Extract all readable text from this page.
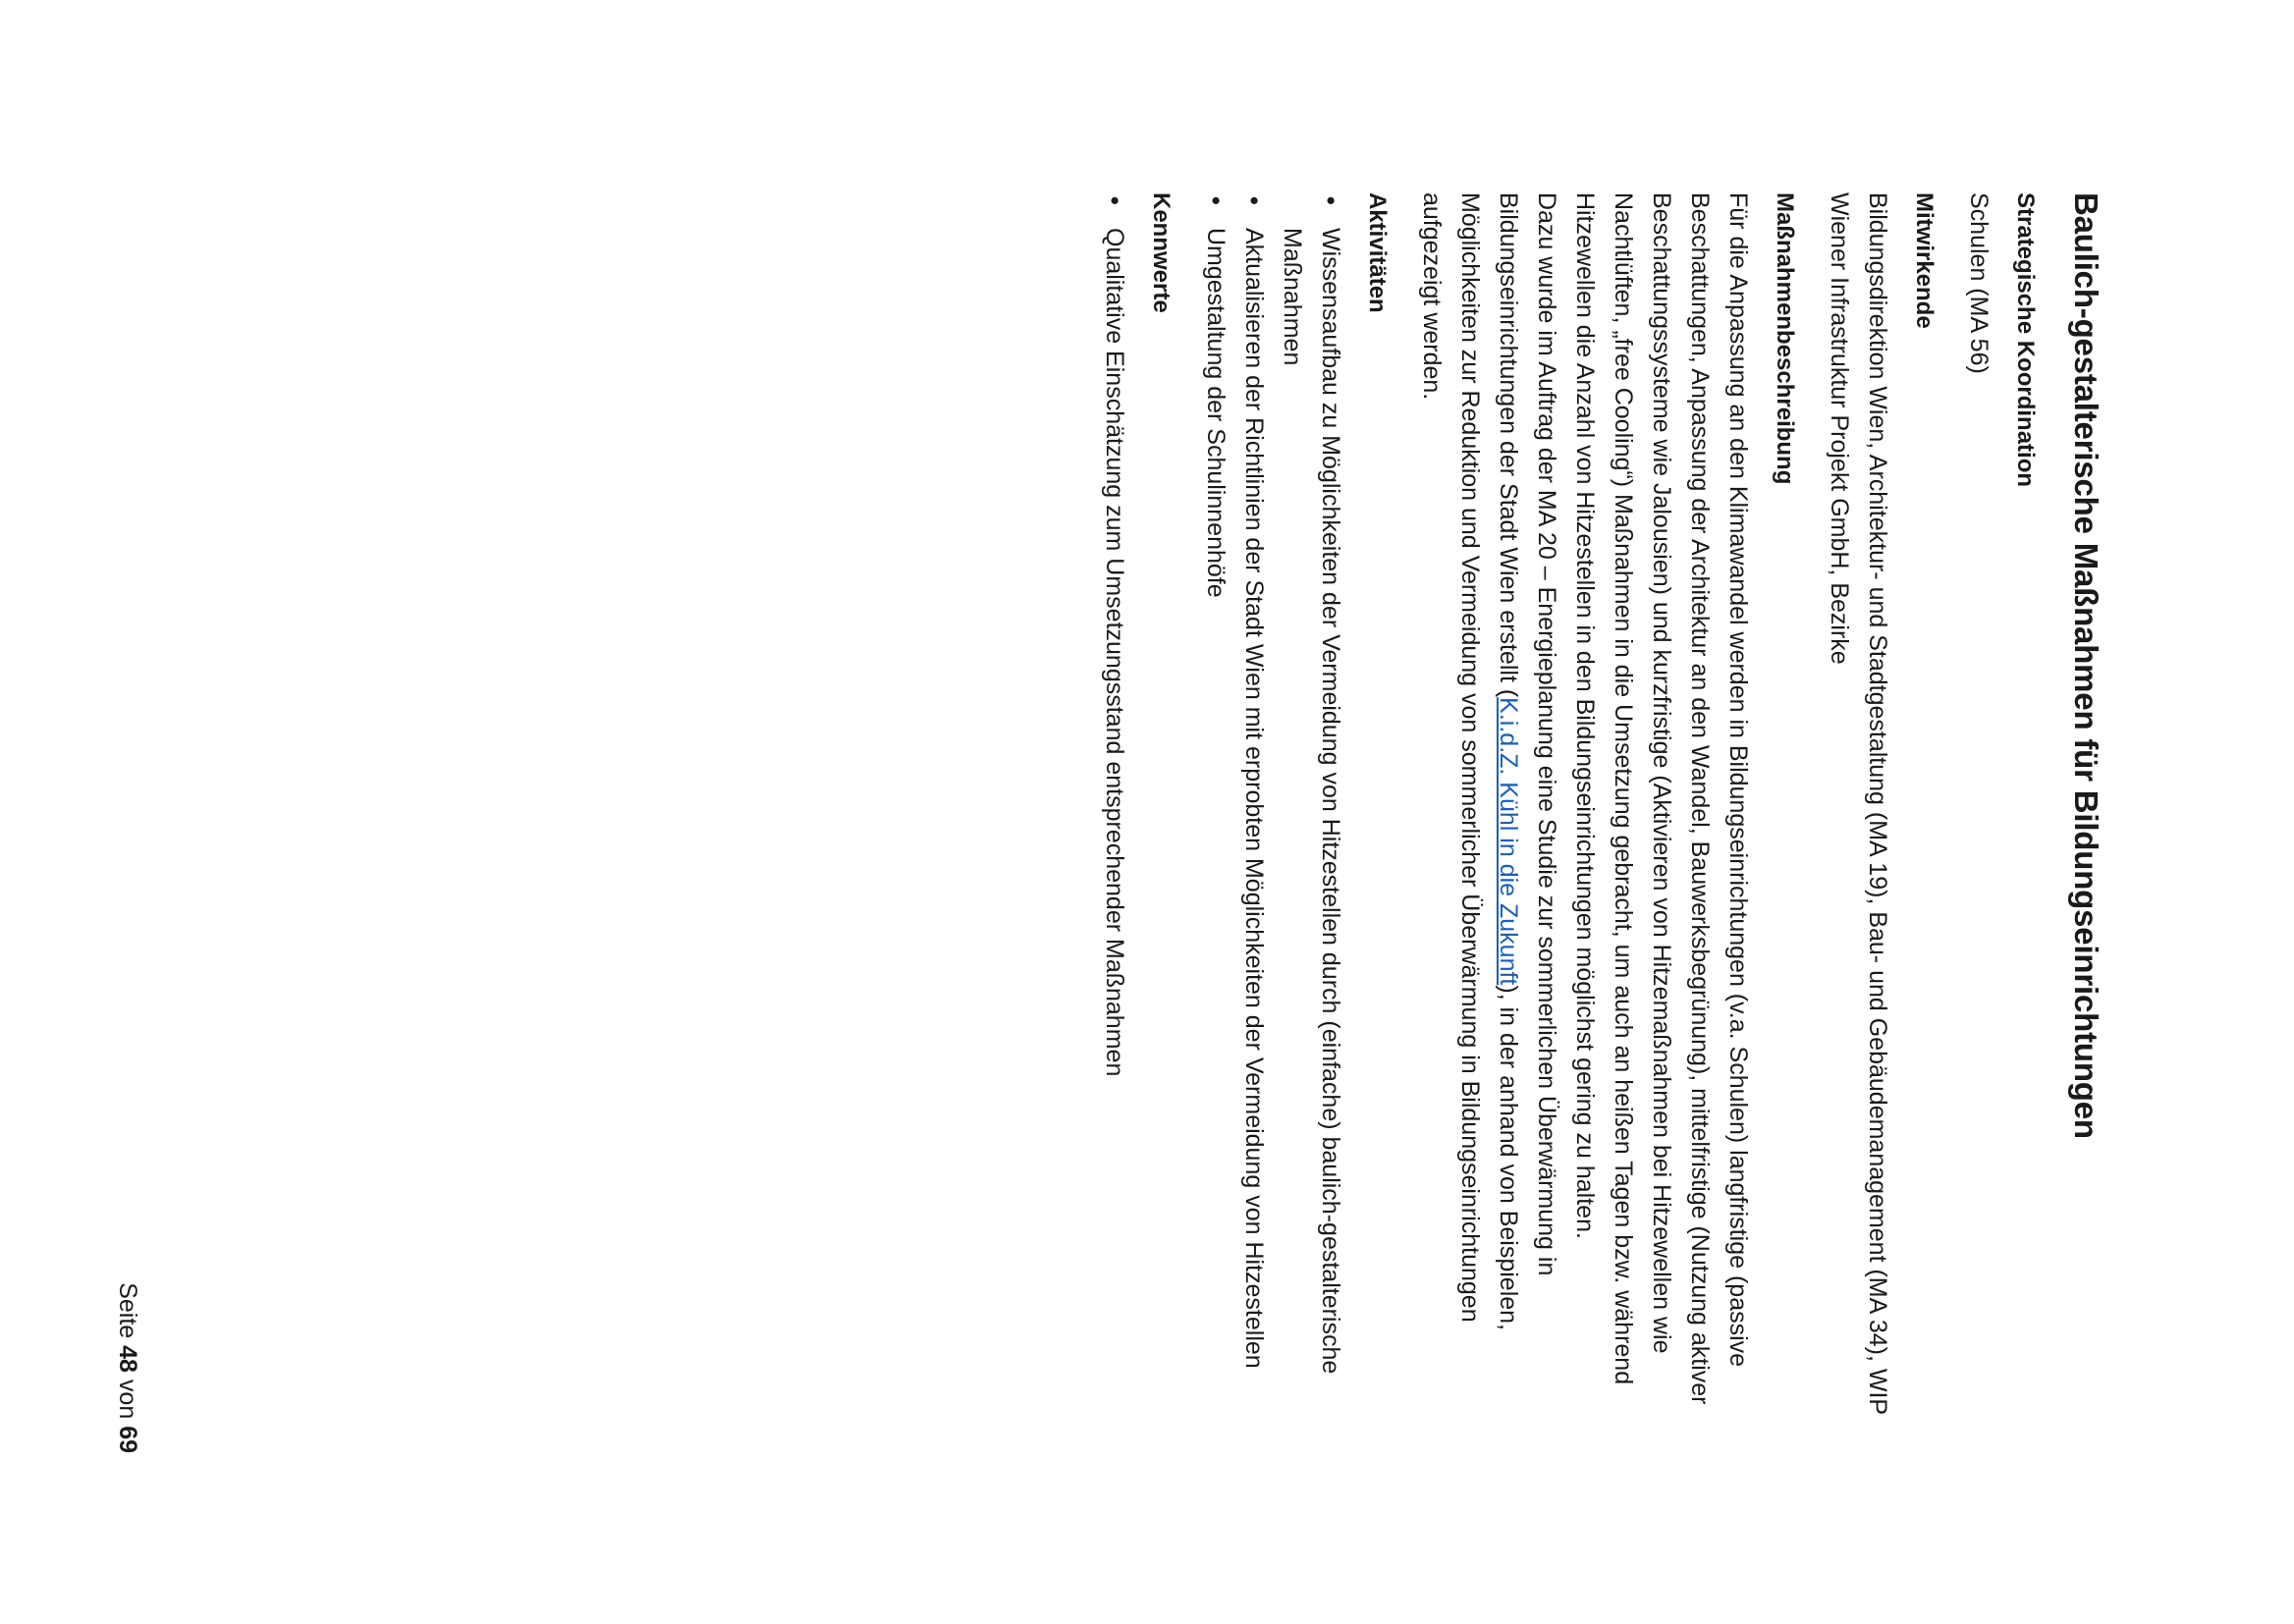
Baulich-gestalterische Maßnahmen für Bildungseinrichtungen
Strategische Koordination

Schulen (MA 56)

Mitwirkende

Bildungsdirektion Wien, Architektur- und Stadtgestaltung (MA 19), Bau- und Gebäudemanagement (MA 34), WIP Wiener Infrastruktur Projekt GmbH, Bezirke

Maßnahmenbeschreibung

Für die Anpassung an den Klimawandel werden in Bildungseinrichtungen (v.a. Schulen) langfristige (passive Beschattungen, Anpassung der Architektur an den Wandel, Bauwerksbegrünung), mittelfristige (Nutzung aktiver Beschattungssysteme wie Jalousien) und kurzfristige (Aktivieren von Hitzemaßnahmen bei Hitzewellen wie Nachtlüften, „free Cooling“) Maßnahmen in die Umsetzung gebracht, um auch an heißen Tagen bzw. während Hitzewellen die Anzahl von Hitzestellen in den Bildungseinrichtungen möglichst gering zu halten.

Dazu wurde im Auftrag der MA 20 – Energieplanung eine Studie zur sommerlichen Überwärmung in Bildungseinrichtungen der Stadt Wien erstellt (K.i.d.Z. Kühl in die Zukunft), in der anhand von Beispielen, Möglichkeiten zur Reduktion und Vermeidung von sommerlicher Überwärmung in Bildungseinrichtungen aufgezeigt werden.

Aktivitäten
•
Wissensaufbau zu Möglichkeiten der Vermeidung von Hitzestellen durch (einfache) baulich-gestalterische Maßnahmen
•
Aktualisieren der Richtlinien der Stadt Wien mit erprobten Möglichkeiten der Vermeidung von Hitzestellen
•
Umgestaltung der Schulinnenhöfe
Kennwerte
•
Qualitative Einschätzung zum Umsetzungsstand entsprechender Maßnahmen
Seite 48 von 69
